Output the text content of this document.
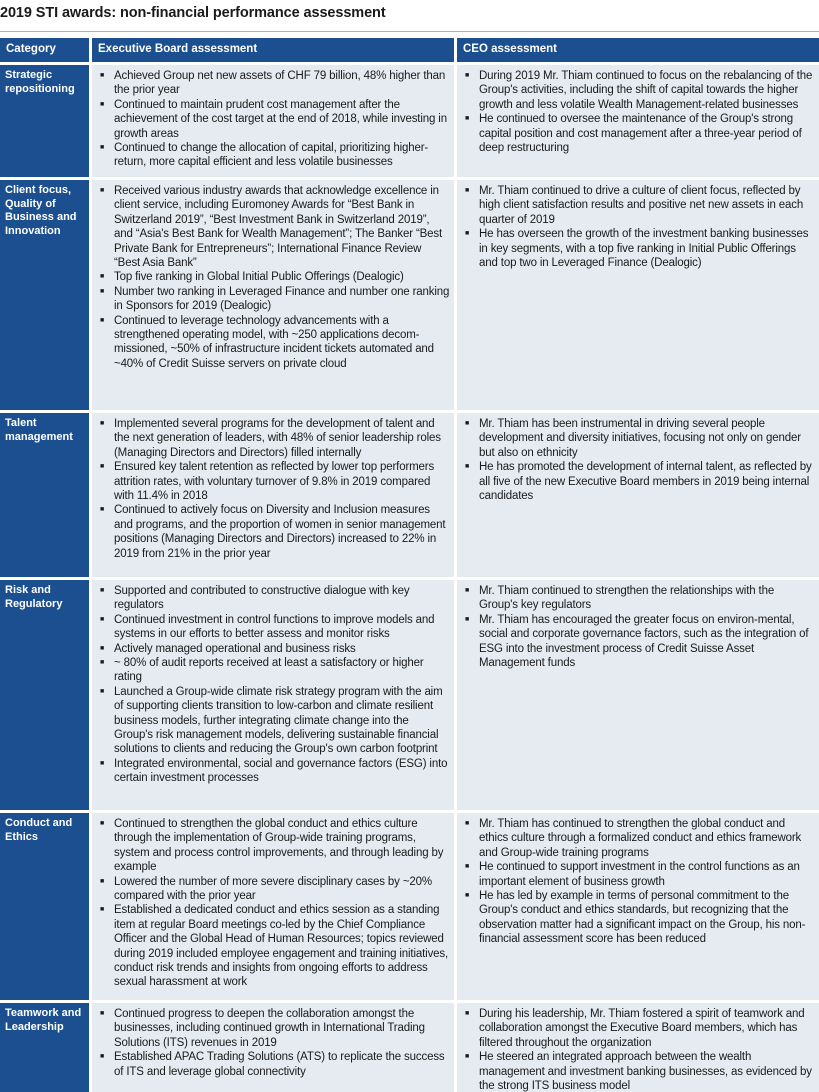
2019 STI awards: non-financial performance assessment
Category	Executive Board assessment	CEO assessment
Strategic repositioning
■ Achieved Group net new assets of CHF 79 billion, 48% higher than the prior year
■ Continued to maintain prudent cost management after the achievement of the cost target at the end of 2018, while investing in growth areas
■ Continued to change the allocation of capital, prioritizing higher-return, more capital efficient and less volatile businesses
■ During 2019 Mr. Thiam continued to focus on the rebalancing of the Group's activities, including the shift of capital towards the higher growth and less volatile Wealth Management-related businesses
■ He continued to oversee the maintenance of the Group's strong capital position and cost management after a three-year period of deep restructuring
Client focus, Quality of Business and Innovation
■ Received various industry awards that acknowledge excellence in client service, including Euromoney Awards for “Best Bank in Switzerland 2019”, “Best Investment Bank in Switzerland 2019”, and “Asia's Best Bank for Wealth Management”; The Banker “Best Private Bank for Entrepreneurs”; International Finance Review “Best Asia Bank”
■ Top five ranking in Global Initial Public Offerings (Dealogic)
■ Number two ranking in Leveraged Finance and number one ranking in Sponsors for 2019 (Dealogic)
■ Continued to leverage technology advancements with a strengthened operating model, with ~250 applications decom-missioned, ~50% of infrastructure incident tickets automated and ~40% of Credit Suisse servers on private cloud
■ Mr. Thiam continued to drive a culture of client focus, reflected by high client satisfaction results and positive net new assets in each quarter of 2019
■ He has overseen the growth of the investment banking businesses in key segments, with a top five ranking in Initial Public Offerings and top two in Leveraged Finance (Dealogic)
Talent management
■ Implemented several programs for the development of talent and the next generation of leaders, with 48% of senior leadership roles (Managing Directors and Directors) filled internally
■ Ensured key talent retention as reflected by lower top performers attrition rates, with voluntary turnover of 9.8% in 2019 compared with 11.4% in 2018
■ Continued to actively focus on Diversity and Inclusion measures and programs, and the proportion of women in senior management positions (Managing Directors and Directors) increased to 22% in 2019 from 21% in the prior year
■ Mr. Thiam has been instrumental in driving several people development and diversity initiatives, focusing not only on gender but also on ethnicity
■ He has promoted the development of internal talent, as reflected by all five of the new Executive Board members in 2019 being internal candidates
Risk and Regulatory
■ Supported and contributed to constructive dialogue with key regulators
■ Continued investment in control functions to improve models and systems in our efforts to better assess and monitor risks
■ Actively managed operational and business risks
■ ~ 80% of audit reports received at least a satisfactory or higher rating
■ Launched a Group-wide climate risk strategy program with the aim of supporting clients transition to low-carbon and climate resilient business models, further integrating climate change into the Group's risk management models, delivering sustainable financial solutions to clients and reducing the Group's own carbon footprint
■ Integrated environmental, social and governance factors (ESG) into certain investment processes
■ Mr. Thiam continued to strengthen the relationships with the Group's key regulators
■ Mr. Thiam has encouraged the greater focus on environ-mental, social and corporate governance factors, such as the integration of ESG into the investment process of Credit Suisse Asset Management funds
Conduct and Ethics
■ Continued to strengthen the global conduct and ethics culture through the implementation of Group-wide training programs, system and process control improvements, and through leading by example
■ Lowered the number of more severe disciplinary cases by ~20% compared with the prior year
■ Established a dedicated conduct and ethics session as a standing item at regular Board meetings co-led by the Chief Compliance Officer and the Global Head of Human Resources; topics reviewed during 2019 included employee engagement and training initiatives, conduct risk trends and insights from ongoing efforts to address sexual harassment at work
■ Mr. Thiam has continued to strengthen the global conduct and ethics culture through a formalized conduct and ethics framework and Group-wide training programs
■ He continued to support investment in the control functions as an important element of business growth
■ He has led by example in terms of personal commitment to the Group's conduct and ethics standards, but recognizing that the observation matter had a significant impact on the Group, his non-financial assessment score has been reduced
Teamwork and Leadership
■ Continued progress to deepen the collaboration amongst the businesses, including continued growth in International Trading Solutions (ITS) revenues in 2019
■ Established APAC Trading Solutions (ATS) to replicate the success of ITS and leverage global connectivity
■ During his leadership, Mr. Thiam fostered a spirit of teamwork and collaboration amongst the Executive Board members, which has filtered throughout the organization
■ He steered an integrated approach between the wealth management and investment banking businesses, as evidenced by the strong ITS business model
